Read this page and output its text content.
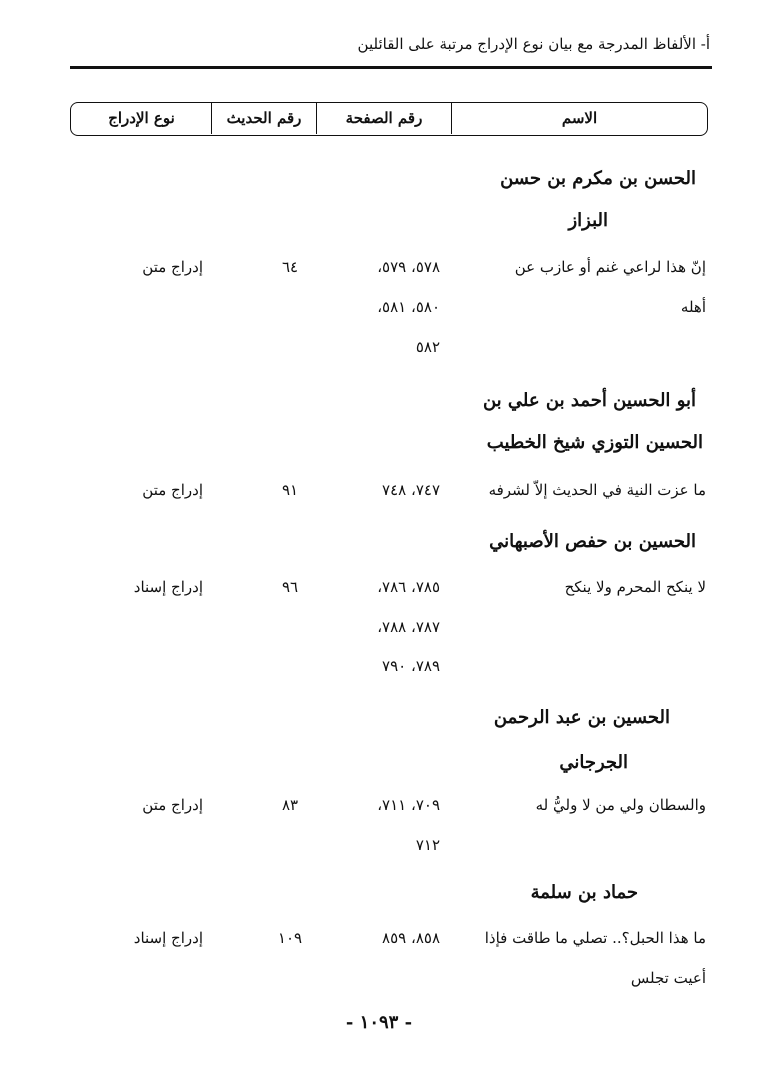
أ- الألفاظ المدرجة مع بيان نوع الإدراج مرتبة على القائلين
الاسم
رقم الصفحة
رقم الحديث
نوع الإدراج
الحسن بن مكرم بن حسن
البزاز
إنّ هذا لراعي غنم أو عازب عن
أهله
٥٧٨، ٥٧٩،
٥٨٠، ٥٨١،
٥٨٢
٦٤
إدراج متن
أبو الحسين أحمد بن علي بن
الحسين التوزي شيخ الخطيب
ما عزت النية في الحديث إلاّ لشرفه
٧٤٧، ٧٤٨
٩١
إدراج متن
الحسين بن حفص الأصبهاني
لا ينكح المحرم ولا ينكح
٧٨٥، ٧٨٦،
٧٨٧، ٧٨٨،
٧٨٩، ٧٩٠
٩٦
إدراج إسناد
الحسين بن عبد الرحمن
الجرجاني
والسطان ولي من لا وليُّ له
٧٠٩، ٧١١،
٧١٢
٨٣
إدراج متن
حماد بن سلمة
ما هذا الحبل؟.. تصلي ما طاقت فإذا
أعيت تجلس
٨٥٨، ٨٥٩
١٠٩
إدراج إسناد
- ١٠٩٣ -
